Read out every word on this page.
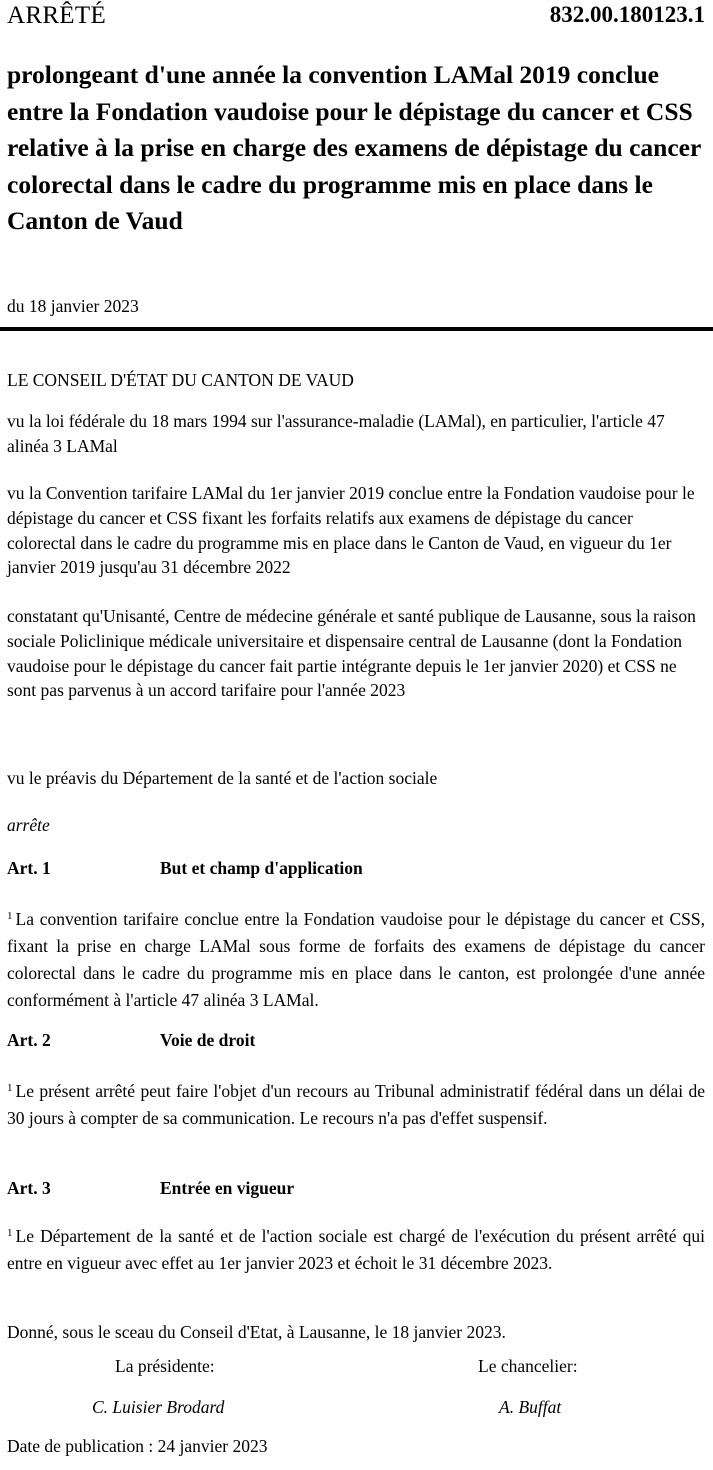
ARRÊTÉ	832.00.180123.1
prolongeant d'une année la convention LAMal 2019 conclue entre la Fondation vaudoise pour le dépistage du cancer et CSS relative à la prise en charge des examens de dépistage du cancer colorectal dans le cadre du programme mis en place dans le Canton de Vaud
du 18 janvier 2023
LE CONSEIL D'ÉTAT DU CANTON DE VAUD
vu la loi fédérale du 18 mars 1994 sur l'assurance-maladie (LAMal), en particulier, l'article 47 alinéa 3 LAMal
vu la Convention tarifaire LAMal du 1er janvier 2019 conclue entre la Fondation vaudoise pour le dépistage du cancer et CSS fixant les forfaits relatifs aux examens de dépistage du cancer colorectal dans le cadre du programme mis en place dans le Canton de Vaud, en vigueur du 1er janvier 2019 jusqu'au 31 décembre 2022
constatant qu'Unisanté, Centre de médecine générale et santé publique de Lausanne, sous la raison sociale Policlinique médicale universitaire et dispensaire central de Lausanne (dont la Fondation vaudoise pour le dépistage du cancer fait partie intégrante depuis le 1er janvier 2020) et CSS ne sont pas parvenus à un accord tarifaire pour l'année 2023
vu le préavis du Département de la santé et de l'action sociale
arrête
Art. 1	But et champ d'application
$^1$ La convention tarifaire conclue entre la Fondation vaudoise pour le dépistage du cancer et CSS, fixant la prise en charge LAMal sous forme de forfaits des examens de dépistage du cancer colorectal dans le cadre du programme mis en place dans le canton, est prolongée d'une année conformément à l'article 47 alinéa 3 LAMal.
Art. 2	Voie de droit
$^1$ Le présent arrêté peut faire l'objet d'un recours au Tribunal administratif fédéral dans un délai de 30 jours à compter de sa communication. Le recours n'a pas d'effet suspensif.
Art. 3	Entrée en vigueur
$^1$ Le Département de la santé et de l'action sociale est chargé de l'exécution du présent arrêté qui entre en vigueur avec effet au 1er janvier 2023 et échoit le 31 décembre 2023.
Donné, sous le sceau du Conseil d'Etat, à Lausanne, le 18 janvier 2023.
La présidente:	Le chancelier:
C. Luisier Brodard	A. Buffat
Date de publication : 24 janvier 2023
